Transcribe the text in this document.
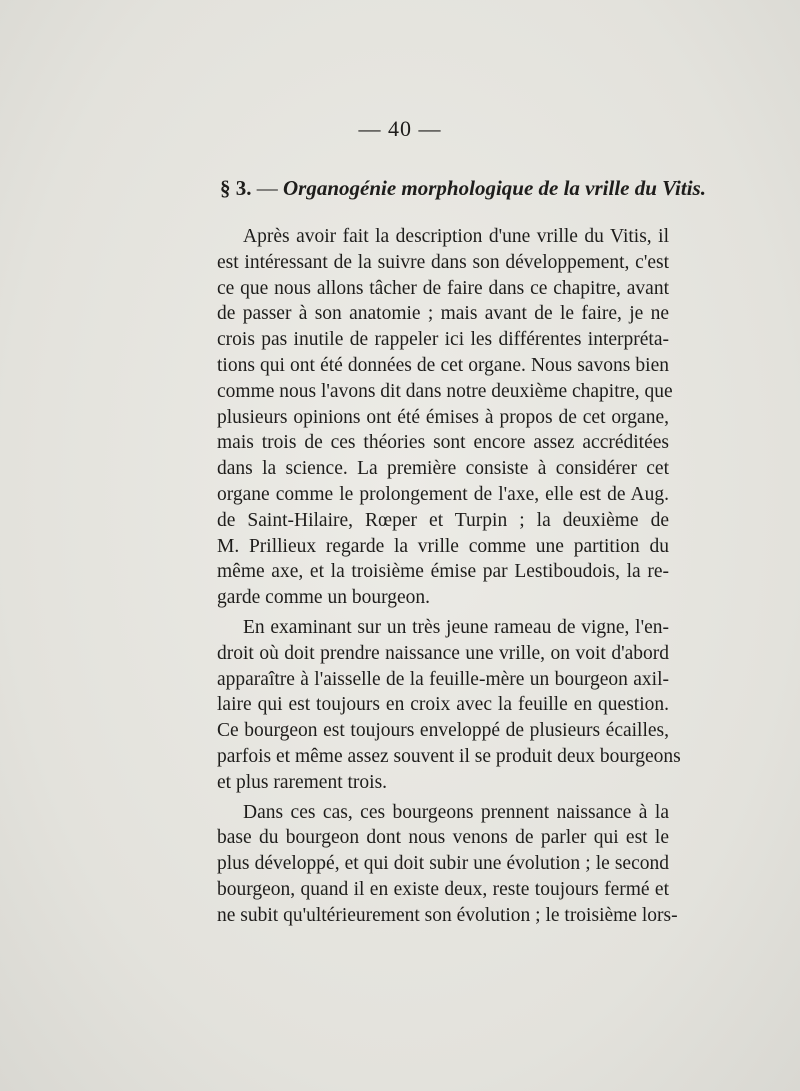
— 40 —
§ 3. — Organogénie morphologique de la vrille du Vitis.
Après avoir fait la description d'une vrille du Vitis, il
est intéressant de la suivre dans son développement, c'est
ce que nous allons tâcher de faire dans ce chapitre, avant
de passer à son anatomie ; mais avant de le faire, je ne
crois pas inutile de rappeler ici les différentes interpréta-
tions qui ont été données de cet organe. Nous savons bien
comme nous l'avons dit dans notre deuxième chapitre, que
plusieurs opinions ont été émises à propos de cet organe,
mais trois de ces théories sont encore assez accréditées
dans la science. La première consiste à considérer cet
organe comme le prolongement de l'axe, elle est de Aug.
de Saint-Hilaire, Rœper et Turpin ; la deuxième de
M. Prillieux regarde la vrille comme une partition du
même axe, et la troisième émise par Lestiboudois, la re-
garde comme un bourgeon.
En examinant sur un très jeune rameau de vigne, l'en-
droit où doit prendre naissance une vrille, on voit d'abord
apparaître à l'aisselle de la feuille-mère un bourgeon axil-
laire qui est toujours en croix avec la feuille en question.
Ce bourgeon est toujours enveloppé de plusieurs écailles,
parfois et même assez souvent il se produit deux bourgeons
et plus rarement trois.
Dans ces cas, ces bourgeons prennent naissance à la
base du bourgeon dont nous venons de parler qui est le
plus développé, et qui doit subir une évolution ; le second
bourgeon, quand il en existe deux, reste toujours fermé et
ne subit qu'ultérieurement son évolution ; le troisième lors-
